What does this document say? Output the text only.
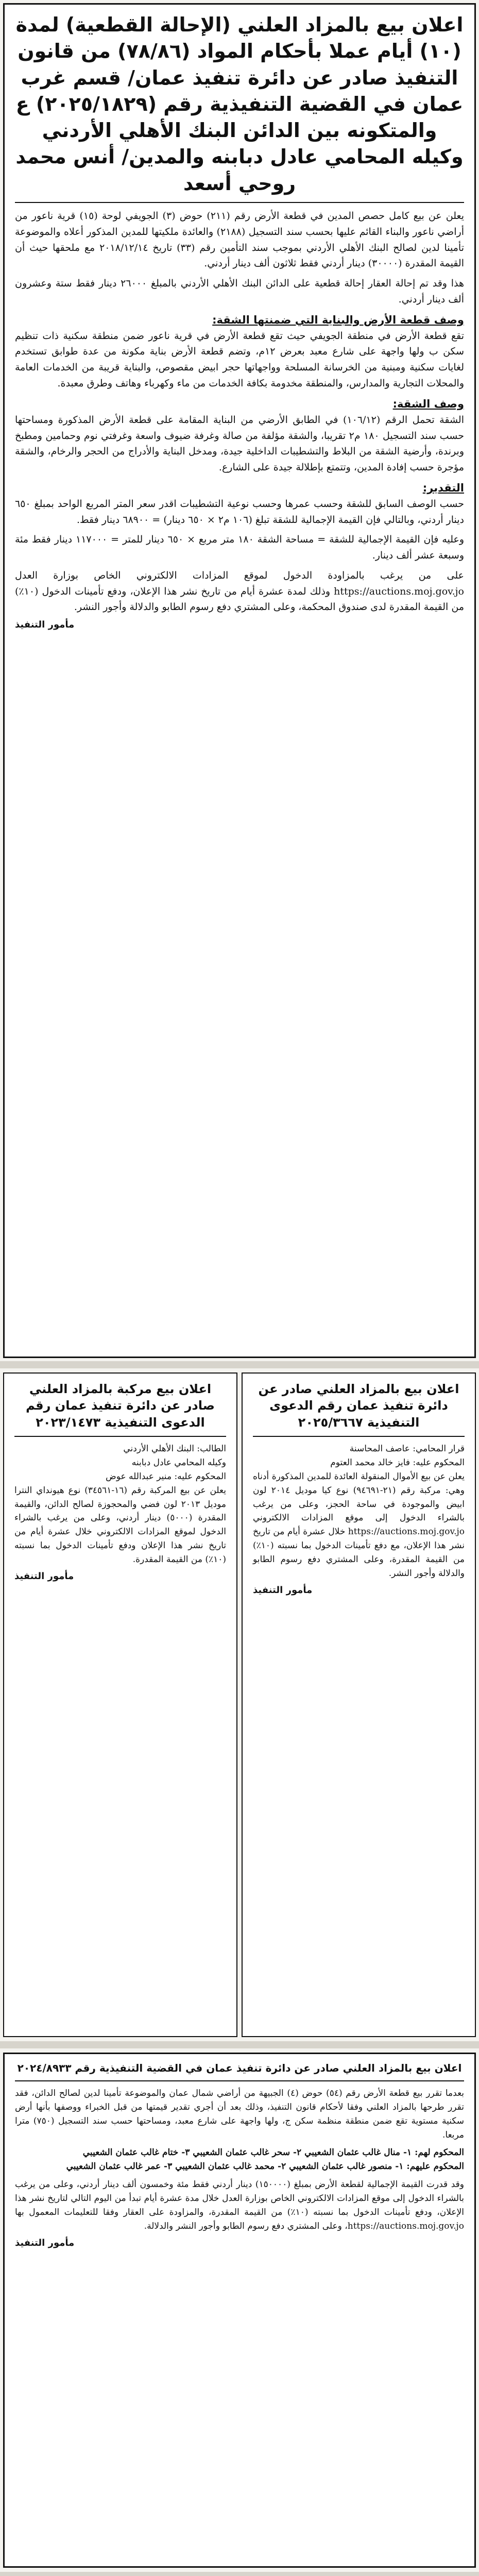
اعلان بيع بالمزاد العلني (الإحالة القطعية) لمدة (١٠) أيام عملا بأحكام المواد (٧٨/٨٦) من قانون التنفيذ صادر عن دائرة تنفيذ عمان/ قسم غرب عمان في القضية التنفيذية رقم (٢٠٢٥/١٨٢٩) ع والمتكونه بين الدائن البنك الأهلي الأردني وكيله المحامي عادل دبابنه والمدين/ أنس محمد روحي أسعد

يعلن عن بيع كامل حصص المدين في قطعة الأرض رقم (٢١١) حوض (٣) الجويفي لوحة (١٥) قرية ناعور من أراضي ناعور والبناء القائم عليها بحسب سند التسجيل (٢١٨٨) والعائدة ملكيتها للمدين المذكور أعلاه والموضوعة تأمينا لدين لصالح البنك الأهلي الأردني بموجب سند التأمين رقم (٣٣) تاريخ ٢٠١٨/١٢/١٤ مع ملحقها حيث أن القيمة المقدرة (٣٠٠٠٠) دينار أردني فقط ثلاثون ألف دينار أردني.

هذا وقد تم إحالة العقار إحالة قطعية على الدائن البنك الأهلي الأردني بالمبلغ ٢٦٠٠٠ دينار فقط ستة وعشرون ألف دينار أردني.

وصف قطعة الأرض والبناية التي ضمنتها الشقة:

تقع قطعة الأرض في منطقة الجويفي حيث تقع قطعة الأرض في قرية ناعور ضمن منطقة سكنية ذات تنظيم سكن ب ولها واجهة على شارع معبد بعرض ١٢م، وتضم قطعة الأرض بناية مكونة من عدة طوابق تستخدم لغايات سكنية ومبنية من الخرسانة المسلحة وواجهاتها حجر ابيض مقصوص، والبناية قريبة من الخدمات العامة والمحلات التجارية والمدارس، والمنطقة مخدومة بكافة الخدمات من ماء وكهرباء وهاتف وطرق معبدة.

وصف الشقة:

الشقة تحمل الرقم (١٠٦/١٢) في الطابق الأرضي من البناية المقامة على قطعة الأرض المذكورة ومساحتها حسب سند التسجيل ١٨٠ م٢ تقريبا، والشقة مؤلفة من صالة وغرفة ضيوف واسعة وغرفتي نوم وحمامين ومطبخ وبرندة، وأرضية الشقة من البلاط والتشطيبات الداخلية جيدة، ومدخل البناية والأدراج من الحجر والرخام، والشقة مؤجرة حسب إفادة المدين، وتتمتع بإطلالة جيدة على الشارع.

التقدير:

حسب الوصف السابق للشقة وحسب عمرها وحسب نوعية التشطيبات اقدر سعر المتر المربع الواحد بمبلغ ٦٥٠ دينار أردني، وبالتالي فإن القيمة الإجمالية للشقة تبلغ (١٠٦ م٢ × ٦٥٠ دينار) = ٦٨٩٠٠ دينار فقط.

وعليه فإن القيمة الإجمالية للشقة = مساحة الشقة ١٨٠ متر مربع × ٦٥٠ دينار للمتر = ١١٧٠٠٠ دينار فقط مئة وسبعة عشر ألف دينار.

على من يرغب بالمزاودة الدخول لموقع المزادات الالكتروني الخاص بوزارة العدل https://auctions.moj.gov.jo وذلك لمدة عشرة أيام من تاريخ نشر هذا الإعلان، ودفع تأمينات الدخول (١٠٪) من القيمة المقدرة لدى صندوق المحكمة، وعلى المشتري دفع رسوم الطابو والدلالة وأجور النشر.

مأمور التنفيذ
اعلان بيع بالمزاد العلني صادر عن دائرة تنفيذ عمان رقم الدعوى التنفيذية ٢٠٢٥/٣٦٦٧

قرار المحامي: عاصف المحاسنة
المحكوم عليه: فايز خالد محمد العتوم
يعلن عن بيع الأموال المنقولة العائدة للمدين المذكورة أدناه وهي: مركبة رقم (٢١-٩٤٦٩١) نوع كيا موديل ٢٠١٤ لون ابيض والموجودة في ساحة الحجز، وعلى من يرغب بالشراء الدخول إلى موقع المزادات الالكتروني https://auctions.moj.gov.jo خلال عشرة أيام من تاريخ نشر هذا الإعلان، مع دفع تأمينات الدخول بما نسبته (١٠٪) من القيمة المقدرة، وعلى المشتري دفع رسوم الطابو والدلالة وأجور النشر.

مأمور التنفيذ
اعلان بيع مركبة بالمزاد العلني صادر عن دائرة تنفيذ عمان رقم الدعوى التنفيذية ٢٠٢٣/١٤٧٣

الطالب: البنك الأهلي الأردني
وكيله المحامي عادل دبابنه
المحكوم عليه: منير عبدالله عوض
يعلن عن بيع المركبة رقم (١٦-٣٤٥٦١) نوع هيونداي النترا موديل ٢٠١٣ لون فضي والمحجوزة لصالح الدائن، والقيمة المقدرة (٥٠٠٠) دينار أردني، وعلى من يرغب بالشراء الدخول لموقع المزادات الالكتروني خلال عشرة أيام من تاريخ نشر هذا الإعلان ودفع تأمينات الدخول بما نسبته (١٠٪) من القيمة المقدرة.

مأمور التنفيذ
اعلان بيع بالمزاد العلني صادر عن دائرة تنفيذ عمان في القضية التنفيذية رقم ٢٠٢٤/٨٩٣٣

بعدما تقرر بيع قطعة الأرض رقم (٥٤) حوض (٤) الجبيهة من أراضي شمال عمان والموضوعة تأمينا لدين لصالح الدائن، فقد تقرر طرحها بالمزاد العلني وفقا لأحكام قانون التنفيذ، وذلك بعد أن أجري تقدير قيمتها من قبل الخبراء ووصفها بأنها أرض سكنية مستوية تقع ضمن منطقة منظمة سكن ج، ولها واجهة على شارع معبد، ومساحتها حسب سند التسجيل (٧٥٠) مترا مربعا.

المحكوم لهم: ١- منال غالب عثمان الشعيبي ٢- سحر غالب عثمان الشعيبي ٣- ختام غالب عثمان الشعيبي
المحكوم عليهم: ١- منصور غالب عثمان الشعيبي ٢- محمد غالب عثمان الشعيبي ٣- عمر غالب عثمان الشعيبي

وقد قدرت القيمة الإجمالية لقطعة الأرض بمبلغ (١٥٠٠٠٠) دينار أردني فقط مئة وخمسون ألف دينار أردني، وعلى من يرغب بالشراء الدخول إلى موقع المزادات الالكتروني الخاص بوزارة العدل خلال مدة عشرة أيام تبدأ من اليوم التالي لتاريخ نشر هذا الإعلان، ودفع تأمينات الدخول بما نسبته (١٠٪) من القيمة المقدرة، والمزاودة على العقار وفقا للتعليمات المعمول بها https://auctions.moj.gov.jo، وعلى المشتري دفع رسوم الطابو وأجور النشر والدلالة.

مأمور التنفيذ
